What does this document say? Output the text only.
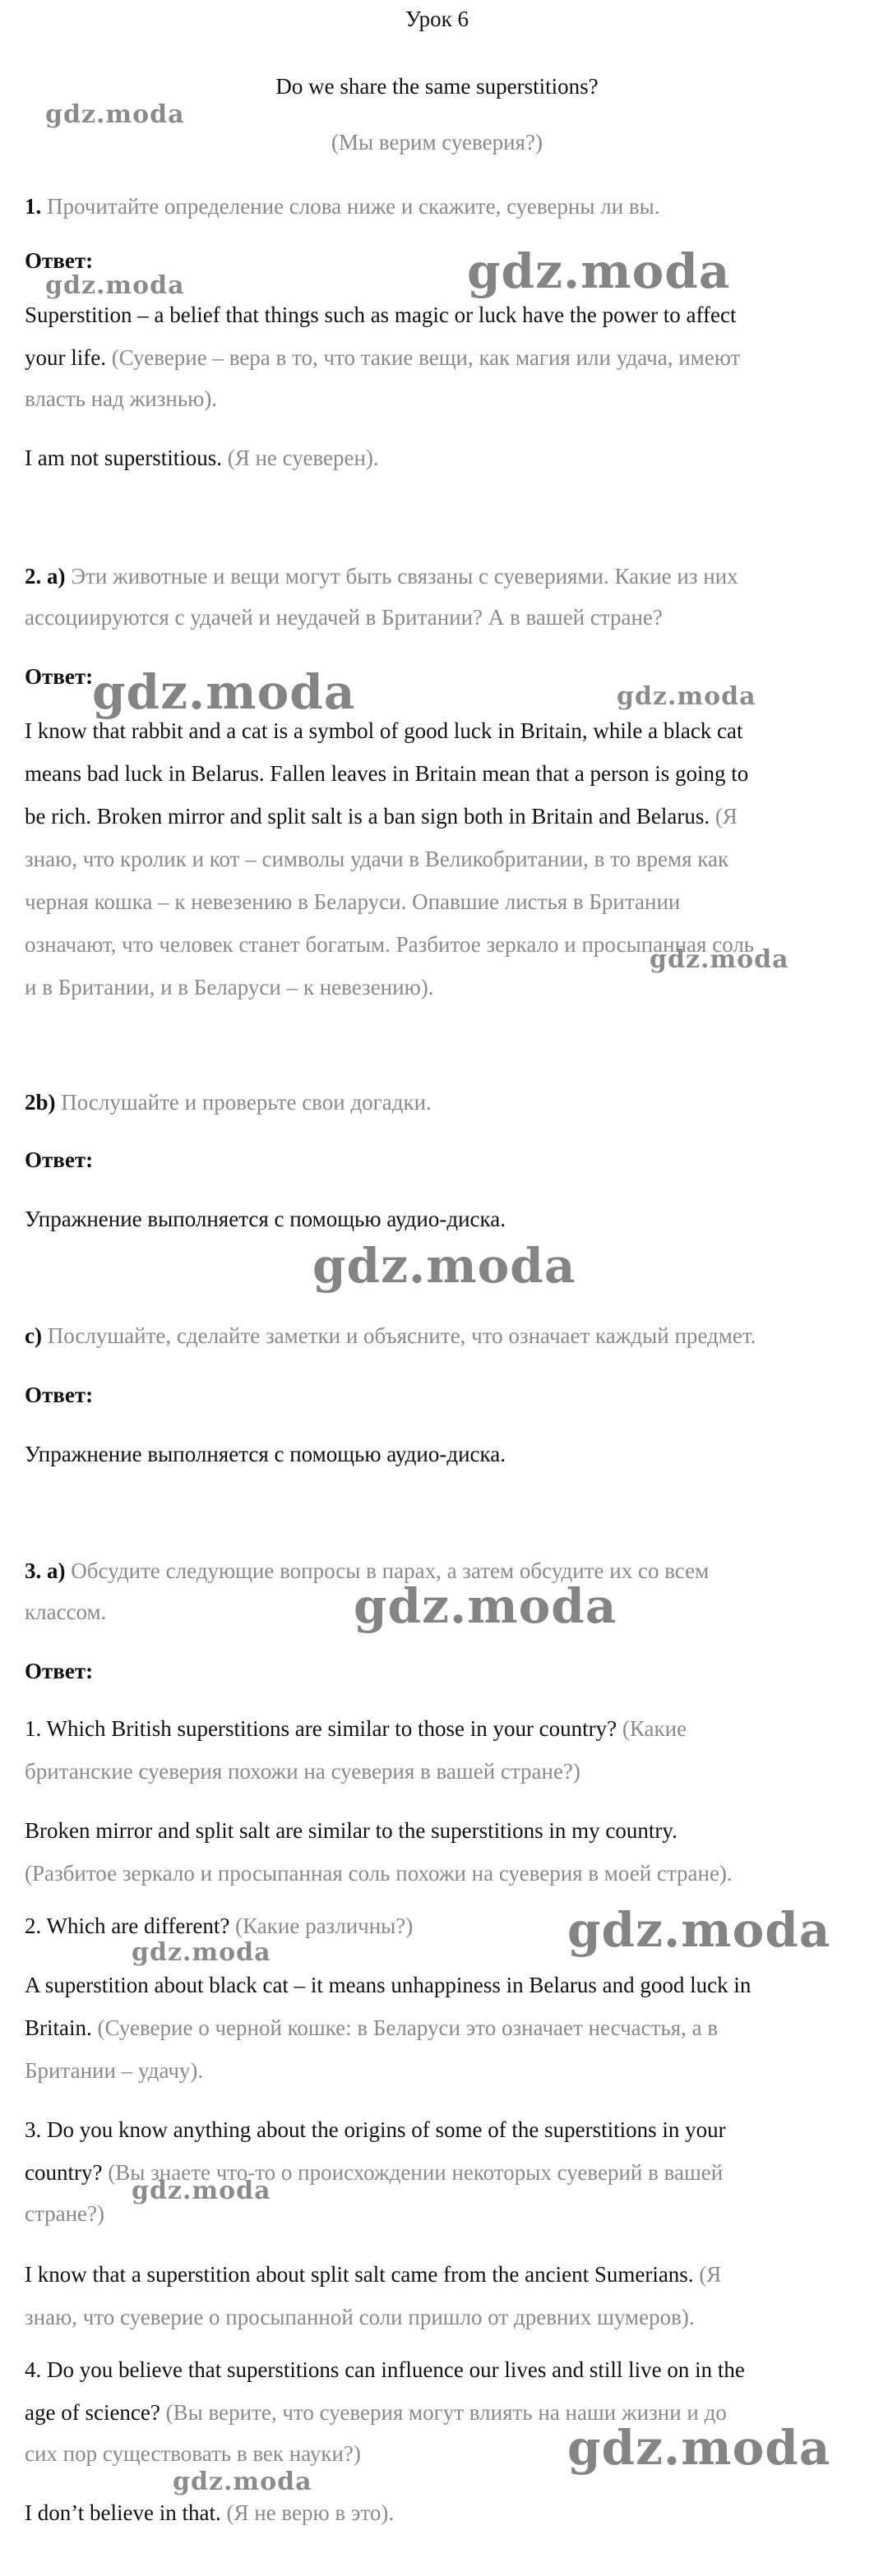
Урок 6
Do we share the same superstitions?
(Мы верим суеверия?)
1. Прочитайте определение слова ниже и скажите, суеверны ли вы.
Ответ:
Superstition – a belief that things such as magic or luck have the power to affect
your life. (Суеверие – вера в то, что такие вещи, как магия или удача, имеют
власть над жизнью).
I am not superstitious. (Я не суеверен).
2. а) Эти животные и вещи могут быть связаны с суевериями. Какие из них
ассоциируются с удачей и неудачей в Британии? А в вашей стране?
Ответ:
I know that rabbit and a cat is a symbol of good luck in Britain, while a black cat
means bad luck in Belarus. Fallen leaves in Britain mean that a person is going to
be rich. Broken mirror and split salt is a ban sign both in Britain and Belarus. (Я
знаю, что кролик и кот – символы удачи в Великобритании, в то время как
черная кошка – к невезению в Беларуси. Опавшие листья в Британии
означают, что человек станет богатым. Разбитое зеркало и просыпанная соль
и в Британии, и в Беларуси – к невезению).
2b) Послушайте и проверьте свои догадки.
Ответ:
Упражнение выполняется с помощью аудио-диска.
с) Послушайте, сделайте заметки и объясните, что означает каждый предмет.
Ответ:
Упражнение выполняется с помощью аудио-диска.
3. а) Обсудите следующие вопросы в парах, а затем обсудите их со всем
классом.
Ответ:
1. Which British superstitions are similar to those in your country? (Какие
британские суеверия похожи на суеверия в вашей стране?)
Broken mirror and split salt are similar to the superstitions in my country.
(Разбитое зеркало и просыпанная соль похожи на суеверия в моей стране).
2. Which are different? (Какие различны?)
A superstition about black cat – it means unhappiness in Belarus and good luck in
Britain. (Суеверие о черной кошке: в Беларуси это означает несчастья, а в
Британии – удачу).
3. Do you know anything about the origins of some of the superstitions in your
country? (Вы знаете что-то о происхождении некоторых суеверий в вашей
стране?)
I know that a superstition about split salt came from the ancient Sumerians. (Я
знаю, что суеверие о просыпанной соли пришло от древних шумеров).
4. Do you believe that superstitions can influence our lives and still live on in the
age of science? (Вы верите, что суеверия могут влиять на наши жизни и до
сих пор существовать в век науки?)
I don’t believe in that. (Я не верю в это).
gdz.moda
gdz.moda
gdz.moda
gdz.moda	gdz.moda
gdz.moda
gdz.moda
gdz.moda
gdz.moda
gdz.moda
gdz.moda
gdz.moda
gdz.moda
